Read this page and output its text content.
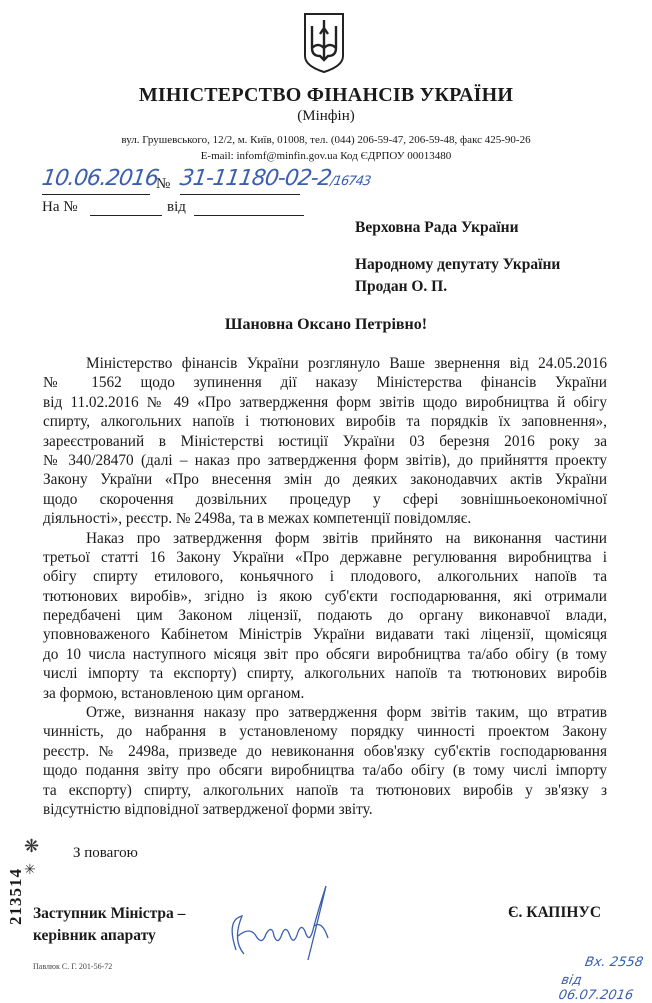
МІНІСТЕРСТВО ФІНАНСІВ УКРАЇНИ
(Мінфін)
вул. Грушевського, 12/2, м. Київ, 01008, тел. (044) 206-59-47, 206-59-48, факс 425-90-26
E-mail: infomf@minfin.gov.ua Код ЄДРПОУ 00013480
10.06.2016
№ 31-11180-02-2/16743
На №	від
Верховна Рада України
Народному депутату України
Продан О. П.
Шановна Оксано Петрівно!
Міністерство фінансів України розглянуло Ваше звернення від 24.05.2016
№ 1562 щодо зупинення дії наказу Міністерства фінансів України
від 11.02.2016 № 49 «Про затвердження форм звітів щодо виробництва й обігу
спирту, алкогольних напоїв і тютюнових виробів та порядків їх заповнення»,
зареєстрований в Міністерстві юстиції України 03 березня 2016 року за
№ 340/28470 (далі – наказ про затвердження форм звітів), до прийняття проекту
Закону України «Про внесення змін до деяких законодавчих актів України
щодо скорочення дозвільних процедур у сфері зовнішньоекономічної
діяльності», реєстр. № 2498а, та в межах компетенції повідомляє.
Наказ про затвердження форм звітів прийнято на виконання частини
третьої статті 16 Закону України «Про державне регулювання виробництва і
обігу спирту етилового, коньячного і плодового, алкогольних напоїв та
тютюнових виробів», згідно із якою суб'єкти господарювання, які отримали
передбачені цим Законом ліцензії, подають до органу виконавчої влади,
уповноваженого Кабінетом Міністрів України видавати такі ліцензії, щомісяця
до 10 числа наступного місяця звіт про обсяги виробництва та/або обігу (в тому
числі імпорту та експорту) спирту, алкогольних напоїв та тютюнових виробів
за формою, встановленою цим органом.
Отже, визнання наказу про затвердження форм звітів таким, що втратив
чинність, до набрання в установленому порядку чинності проектом Закону
реєстр. № 2498а, призведе до невиконання обов'язку суб'єктів господарювання
щодо подання звіту про обсяги виробництва та/або обігу (в тому числі імпорту
та експорту) спирту, алкогольних напоїв та тютюнових виробів у зв'язку з
відсутністю відповідної затвердженої форми звіту.
❋
✳
З повагою
213514 Заступник Міністра –
керівник апарату
Павлюк С. Г. 201-56-72
Є. КАПІНУС
Вх. 2558
від 06.07.2016
